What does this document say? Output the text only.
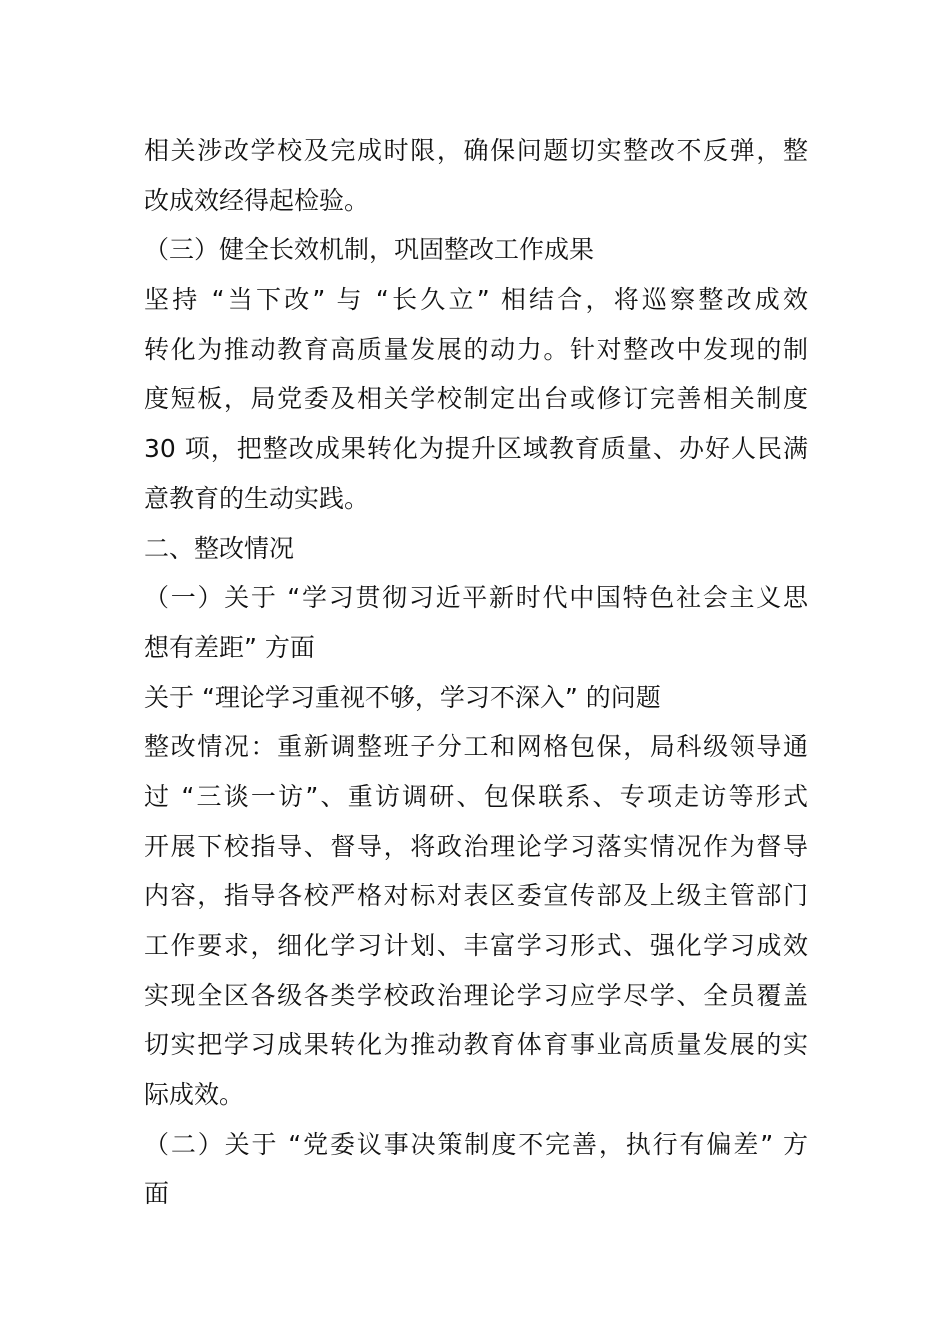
相关涉改学校及完成时限，确保问题切实整改不反弹，整
改成效经得起检验。
（三）健全长效机制，巩固整改工作成果
坚持 “当下改” 与 “长久立” 相结合，将巡察整改成效
转化为推动教育高质量发展的动力。针对整改中发现的制
度短板，局党委及相关学校制定出台或修订完善相关制度
30 项，把整改成果转化为提升区域教育质量、办好人民满
意教育的生动实践。
二、整改情况
（一）关于 “学习贯彻习近平新时代中国特色社会主义思
想有差距” 方面
关于 “理论学习重视不够，学习不深入” 的问题
整改情况：重新调整班子分工和网格包保，局科级领导通
过 “三谈一访”、重访调研、包保联系、专项走访等形式
开展下校指导、督导，将政治理论学习落实情况作为督导
内容，指导各校严格对标对表区委宣传部及上级主管部门
工作要求，细化学习计划、丰富学习形式、强化学习成效
实现全区各级各类学校政治理论学习应学尽学、全员覆盖
切实把学习成果转化为推动教育体育事业高质量发展的实
际成效。
（二）关于 “党委议事决策制度不完善，执行有偏差” 方
面
